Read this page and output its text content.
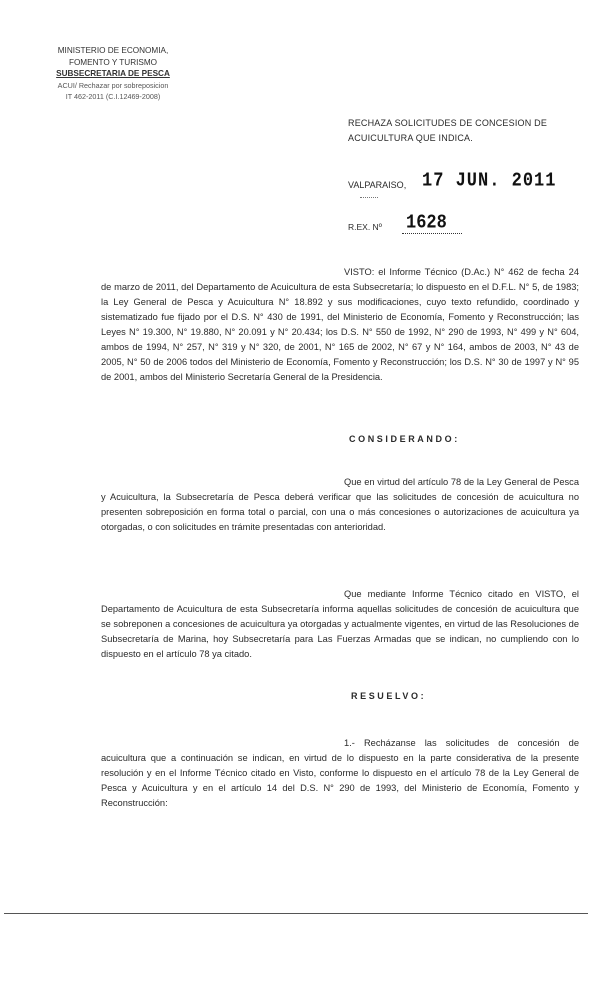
MINISTERIO DE ECONOMIA,
FOMENTO Y TURISMO
SUBSECRETARIA DE PESCA
ACUI/ Rechazar por sobreposicion
IT 462-2011 (C.I.12469-2008)
RECHAZA SOLICITUDES DE CONCESION DE ACUICULTURA QUE INDICA.
VALPARAISO, 17 JUN. 2011
R.EX. Nº 1628

VISTO: el Informe Técnico (D.Ac.) N° 462 de fecha 24 de marzo de 2011, del Departamento de Acuicultura de esta Subsecretaría; lo dispuesto en el D.F.L. N° 5, de 1983; la Ley General de Pesca y Acuicultura N° 18.892 y sus modificaciones, cuyo texto refundido, coordinado y sistematizado fue fijado por el D.S. N° 430 de 1991, del Ministerio de Economía, Fomento y Reconstrucción; las Leyes N° 19.300, N° 19.880, N° 20.091 y N° 20.434; los D.S. N° 550 de 1992, N° 290 de 1993, N° 499 y N° 604, ambos de 1994, N° 257, N° 319 y N° 320, de 2001, N° 165 de 2002, N° 67 y N° 164, ambos de 2003, N° 43 de 2005, N° 50 de 2006 todos del Ministerio de Economía, Fomento y Reconstrucción; los D.S. N° 30 de 1997 y N° 95 de 2001, ambos del Ministerio Secretaría General de la Presidencia.

CONSIDERANDO:

Que en virtud del artículo 78 de la Ley General de Pesca y Acuicultura, la Subsecretaría de Pesca deberá verificar que las solicitudes de concesión de acuicultura no presenten sobreposición en forma total o parcial, con una o más concesiones o autorizaciones de acuicultura ya otorgadas, o con solicitudes en trámite presentadas con anterioridad.

Que mediante Informe Técnico citado en VISTO, el Departamento de Acuicultura de esta Subsecretaría informa aquellas solicitudes de concesión de acuicultura que se sobreponen a concesiones de acuicultura ya otorgadas y actualmente vigentes, en virtud de las Resoluciones de Subsecretaría de Marina, hoy Subsecretaría para Las Fuerzas Armadas que se indican, no cumpliendo con lo dispuesto en el artículo 78 ya citado.

RESUELVO:

1.- Recházanse las solicitudes de concesión de acuicultura que a continuación se indican, en virtud de lo dispuesto en la parte considerativa de la presente resolución y en el Informe Técnico citado en Visto, conforme lo dispuesto en el artículo 78 de la Ley General de Pesca y Acuicultura y en el artículo 14 del D.S. N° 290 de 1993, del Ministerio de Economía, Fomento y Reconstrucción:
